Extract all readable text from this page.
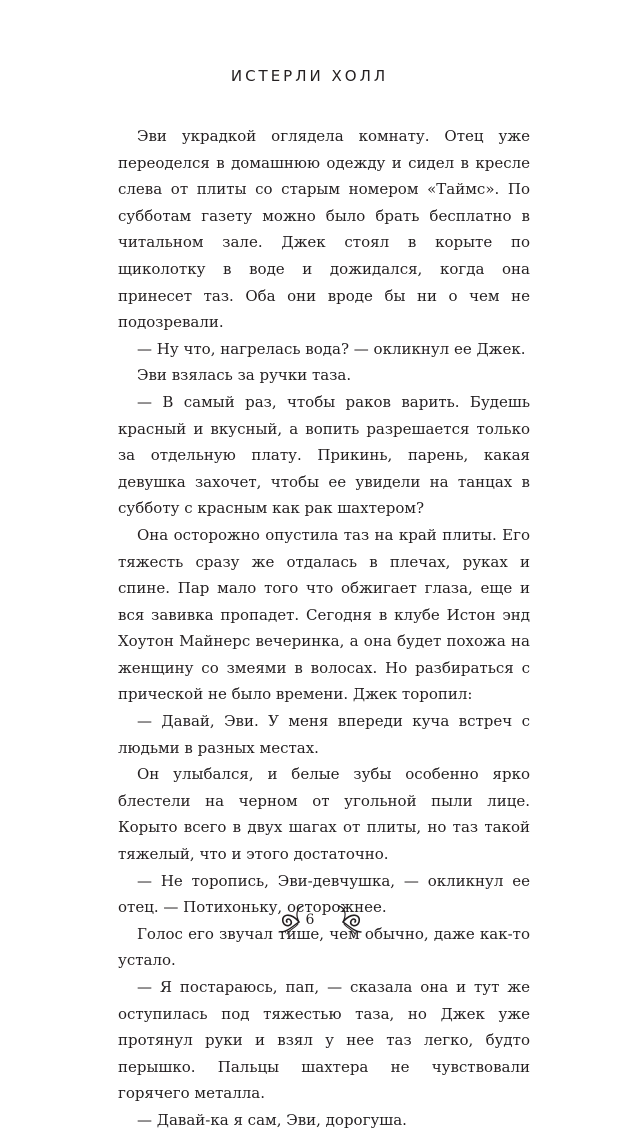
ИСТЕРЛИ ХОЛЛ

Эви украдкой оглядела комнату. Отец уже переоделся в домашнюю одежду и сидел в кресле слева от плиты со старым номером «Таймс». По субботам газету можно было брать бесплатно в читальном зале. Джек стоял в корыте по щиколотку в воде и дожидался, когда она принесет таз. Оба они вроде бы ни о чем не подозревали.

— Ну что, нагрелась вода? — окликнул ее Джек.

Эви взялась за ручки таза.

— В самый раз, чтобы раков варить. Будешь красный и вкусный, а вопить разрешается только за отдельную плату. Прикинь, парень, какая девушка захочет, чтобы ее увидели на танцах в субботу с красным как рак шахтером?

Она осторожно опустила таз на край плиты. Его тяжесть сразу же отдалась в плечах, руках и спине. Пар мало того что обжигает глаза, еще и вся завивка пропадет. Сегодня в клубе Истон энд Хоутон Майнерс вечеринка, а она будет похожа на женщину со змеями в волосах. Но разбираться с прической не было времени. Джек торопил:

— Давай, Эви. У меня впереди куча встреч с людьми в разных местах.

Он улыбался, и белые зубы особенно ярко блестели на черном от угольной пыли лице. Корыто всего в двух шагах от плиты, но таз такой тяжелый, что и этого достаточно.

— Не торопись, Эви-девчушка, — окликнул ее отец. — Потихоньку, осторожнее.

Голос его звучал тише, чем обычно, даже как-то устало.

— Я постараюсь, пап, — сказала она и тут же оступилась под тяжестью таза, но Джек уже протянул руки и взял у нее таз легко, будто перышко. Пальцы шахтера не чувствовали горячего металла.

— Давай-ка я сам, Эви, дорогуша.

6
